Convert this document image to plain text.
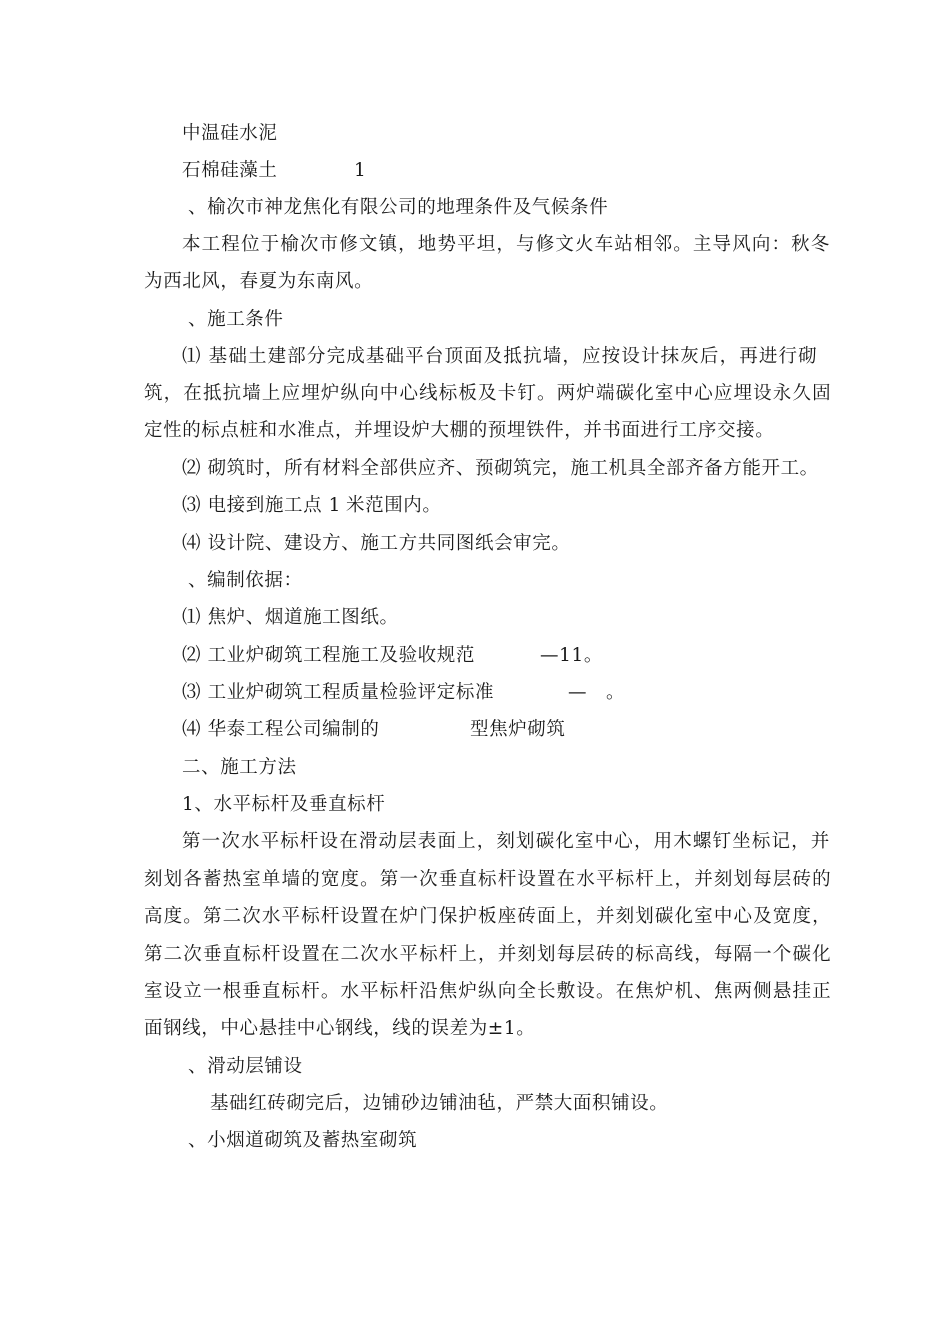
中温硅水泥
石棉硅藻土	1
、榆次市神龙焦化有限公司的地理条件及气候条件
本工程位于榆次市修文镇，地势平坦，与修文火车站相邻。主导风向：秋冬
为西北风，春夏为东南风。
、施工条件
⑴ 基础土建部分完成基础平台顶面及抵抗墙，应按设计抹灰后，再进行砌
筑，在抵抗墙上应埋炉纵向中心线标板及卡钉。两炉端碳化室中心应埋设永久固
定性的标点桩和水准点，并埋设炉大棚的预埋铁件，并书面进行工序交接。
⑵ 砌筑时，所有材料全部供应齐、预砌筑完，施工机具全部齐备方能开工。
⑶ 电接到施工点 1 米范围内。
⑷ 设计院、建设方、施工方共同图纸会审完。
、编制依据：
⑴ 焦炉、烟道施工图纸。
⑵ 工业炉砌筑工程施工及验收规范	—11。
⑶ 工业炉砌筑工程质量检验评定标准	— 。
⑷ 华泰工程公司编制的	型焦炉砌筑
二、施工方法
1、水平标杆及垂直标杆
第一次水平标杆设在滑动层表面上，刻划碳化室中心，用木螺钉坐标记，并
刻划各蓄热室单墙的宽度。第一次垂直标杆设置在水平标杆上，并刻划每层砖的
高度。第二次水平标杆设置在炉门保护板座砖面上，并刻划碳化室中心及宽度，
第二次垂直标杆设置在二次水平标杆上，并刻划每层砖的标高线，每隔一个碳化
室设立一根垂直标杆。水平标杆沿焦炉纵向全长敷设。在焦炉机、焦两侧悬挂正
面钢线，中心悬挂中心钢线，线的误差为±1。
、滑动层铺设
基础红砖砌完后，边铺砂边铺油毡，严禁大面积铺设。
、小烟道砌筑及蓄热室砌筑
